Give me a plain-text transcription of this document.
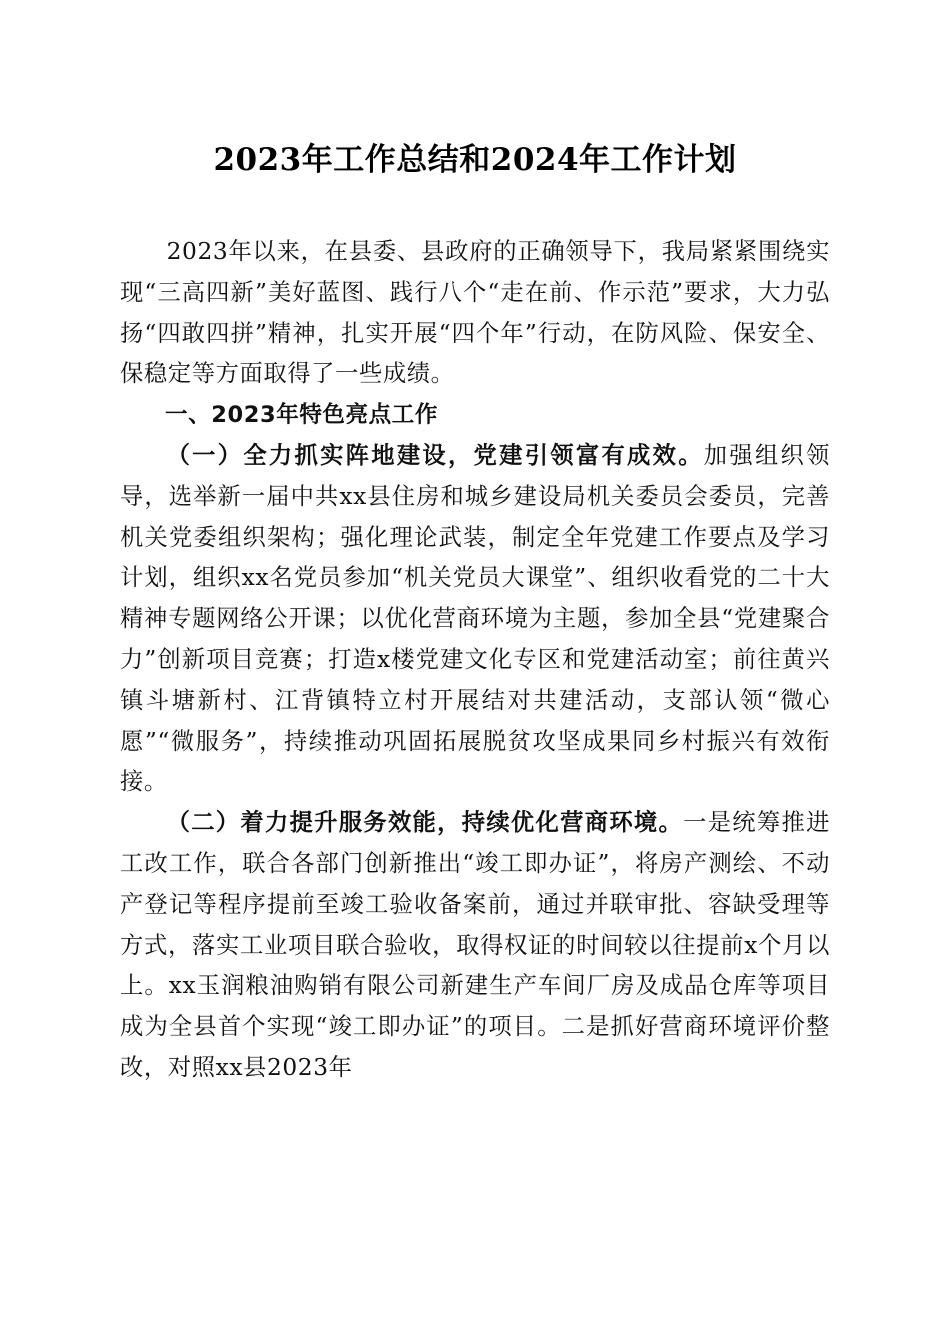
2023年工作总结和2024年工作计划

2023年以来，在县委、县政府的正确领导下，我局紧紧围绕实现“三高四新”美好蓝图、践行八个“走在前、作示范”要求，大力弘扬“四敢四拼”精神，扎实开展“四个年”行动，在防风险、保安全、保稳定等方面取得了一些成绩。

一、2023年特色亮点工作

（一）全力抓实阵地建设，党建引领富有成效。加强组织领导，选举新一届中共xx县住房和城乡建设局机关委员会委员，完善机关党委组织架构；强化理论武装，制定全年党建工作要点及学习计划，组织xx名党员参加“机关党员大课堂”、组织收看党的二十大精神专题网络公开课；以优化营商环境为主题，参加全县“党建聚合力”创新项目竞赛；打造x楼党建文化专区和党建活动室；前往黄兴镇斗塘新村、江背镇特立村开展结对共建活动，支部认领“微心愿”“微服务”，持续推动巩固拓展脱贫攻坚成果同乡村振兴有效衔接。

（二）着力提升服务效能，持续优化营商环境。一是统筹推进工改工作，联合各部门创新推出“竣工即办证”，将房产测绘、不动产登记等程序提前至竣工验收备案前，通过并联审批、容缺受理等方式，落实工业项目联合验收，取得权证的时间较以往提前x个月以上。xx玉润粮油购销有限公司新建生产车间厂房及成品仓库等项目成为全县首个实现“竣工即办证”的项目。二是抓好营商环境评价整改，对照xx县2023年
